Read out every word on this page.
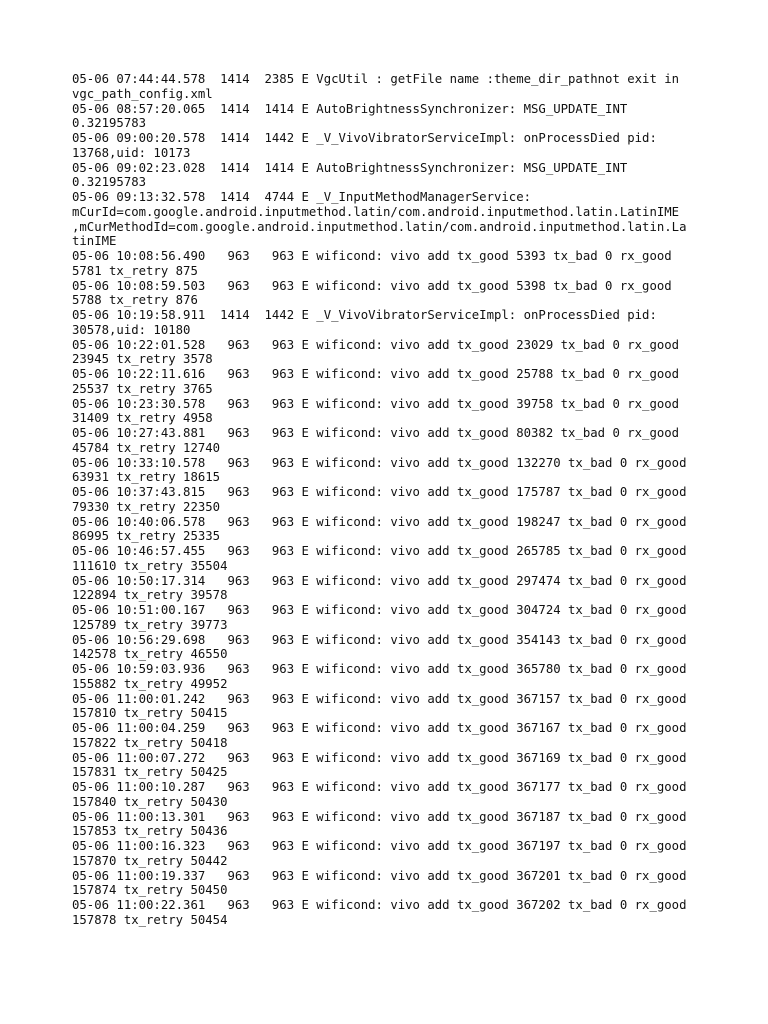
05-06 07:44:44.578  1414  2385 E VgcUtil : getFile name :theme_dir_pathnot exit in
vgc_path_config.xml
05-06 08:57:20.065  1414  1414 E AutoBrightnessSynchronizer: MSG_UPDATE_INT
0.32195783
05-06 09:00:20.578  1414  1442 E _V_VivoVibratorServiceImpl: onProcessDied pid:
13768,uid: 10173
05-06 09:02:23.028  1414  1414 E AutoBrightnessSynchronizer: MSG_UPDATE_INT
0.32195783
05-06 09:13:32.578  1414  4744 E _V_InputMethodManagerService:
mCurId=com.google.android.inputmethod.latin/com.android.inputmethod.latin.LatinIME
,mCurMethodId=com.google.android.inputmethod.latin/com.android.inputmethod.latin.La
tinIME
05-06 10:08:56.490   963   963 E wificond: vivo add tx_good 5393 tx_bad 0 rx_good
5781 tx_retry 875
05-06 10:08:59.503   963   963 E wificond: vivo add tx_good 5398 tx_bad 0 rx_good
5788 tx_retry 876
05-06 10:19:58.911  1414  1442 E _V_VivoVibratorServiceImpl: onProcessDied pid:
30578,uid: 10180
05-06 10:22:01.528   963   963 E wificond: vivo add tx_good 23029 tx_bad 0 rx_good
23945 tx_retry 3578
05-06 10:22:11.616   963   963 E wificond: vivo add tx_good 25788 tx_bad 0 rx_good
25537 tx_retry 3765
05-06 10:23:30.578   963   963 E wificond: vivo add tx_good 39758 tx_bad 0 rx_good
31409 tx_retry 4958
05-06 10:27:43.881   963   963 E wificond: vivo add tx_good 80382 tx_bad 0 rx_good
45784 tx_retry 12740
05-06 10:33:10.578   963   963 E wificond: vivo add tx_good 132270 tx_bad 0 rx_good
63931 tx_retry 18615
05-06 10:37:43.815   963   963 E wificond: vivo add tx_good 175787 tx_bad 0 rx_good
79330 tx_retry 22350
05-06 10:40:06.578   963   963 E wificond: vivo add tx_good 198247 tx_bad 0 rx_good
86995 tx_retry 25335
05-06 10:46:57.455   963   963 E wificond: vivo add tx_good 265785 tx_bad 0 rx_good
111610 tx_retry 35504
05-06 10:50:17.314   963   963 E wificond: vivo add tx_good 297474 tx_bad 0 rx_good
122894 tx_retry 39578
05-06 10:51:00.167   963   963 E wificond: vivo add tx_good 304724 tx_bad 0 rx_good
125789 tx_retry 39773
05-06 10:56:29.698   963   963 E wificond: vivo add tx_good 354143 tx_bad 0 rx_good
142578 tx_retry 46550
05-06 10:59:03.936   963   963 E wificond: vivo add tx_good 365780 tx_bad 0 rx_good
155882 tx_retry 49952
05-06 11:00:01.242   963   963 E wificond: vivo add tx_good 367157 tx_bad 0 rx_good
157810 tx_retry 50415
05-06 11:00:04.259   963   963 E wificond: vivo add tx_good 367167 tx_bad 0 rx_good
157822 tx_retry 50418
05-06 11:00:07.272   963   963 E wificond: vivo add tx_good 367169 tx_bad 0 rx_good
157831 tx_retry 50425
05-06 11:00:10.287   963   963 E wificond: vivo add tx_good 367177 tx_bad 0 rx_good
157840 tx_retry 50430
05-06 11:00:13.301   963   963 E wificond: vivo add tx_good 367187 tx_bad 0 rx_good
157853 tx_retry 50436
05-06 11:00:16.323   963   963 E wificond: vivo add tx_good 367197 tx_bad 0 rx_good
157870 tx_retry 50442
05-06 11:00:19.337   963   963 E wificond: vivo add tx_good 367201 tx_bad 0 rx_good
157874 tx_retry 50450
05-06 11:00:22.361   963   963 E wificond: vivo add tx_good 367202 tx_bad 0 rx_good
157878 tx_retry 50454
